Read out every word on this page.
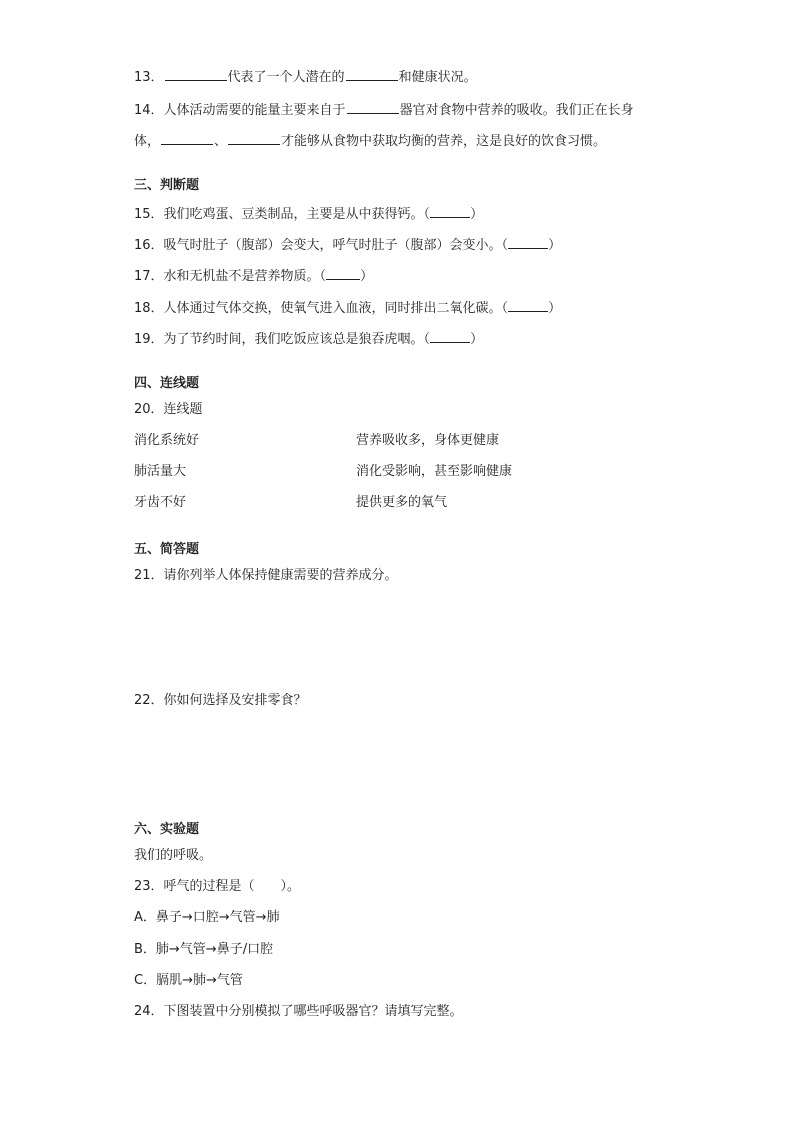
13．	代表了一个人潜在的	和健康状况。
14．人体活动需要的能量主要来自于	器官对食物中营养的吸收。我们正在长身
体，	、	才能够从食物中获取均衡的营养，这是良好的饮食习惯。
三、判断题
15．我们吃鸡蛋、豆类制品，主要是从中获得钙。（	）
16．吸气时肚子（腹部）会变大，呼气时肚子（腹部）会变小。（	）
17．水和无机盐不是营养物质。（	）
18．人体通过气体交换，使氧气进入血液，同时排出二氧化碳。（	）
19．为了节约时间，我们吃饭应该总是狼吞虎咽。（	）
四、连线题
20．连线题
消化系统好	营养吸收多，身体更健康
肺活量大	消化受影响，甚至影响健康
牙齿不好	提供更多的氧气
五、简答题
21．请你列举人体保持健康需要的营养成分。
22．你如何选择及安排零食？
六、实验题
我们的呼吸。
23．呼气的过程是（　　）。
A．鼻子→口腔→气管→肺
B．肺→气管→鼻子/口腔
C．膈肌→肺→气管
24．下图装置中分别模拟了哪些呼吸器官？请填写完整。
